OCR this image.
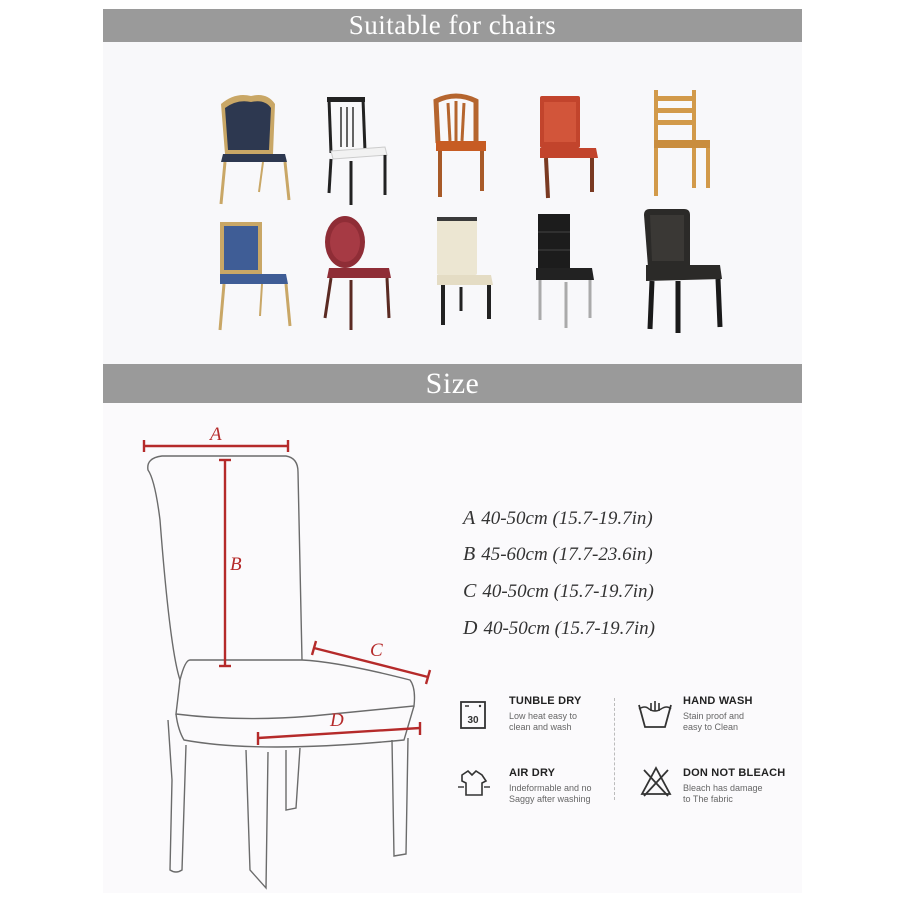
Suitable for chairs
Size
A
B
C
D
A 40-50cm (15.7-19.7in)
B 45-60cm (17.7-23.6in)
C 40-50cm (15.7-19.7in)
D 40-50cm (15.7-19.7in)
30
TUNBLE DRY
Low heat easy to
clean and wash
HAND WASH
Stain proof and
easy to Clean
AIR DRY
Indeformable and no
Saggy after washing
DON NOT BLEACH
Bleach has damage
to The fabric
